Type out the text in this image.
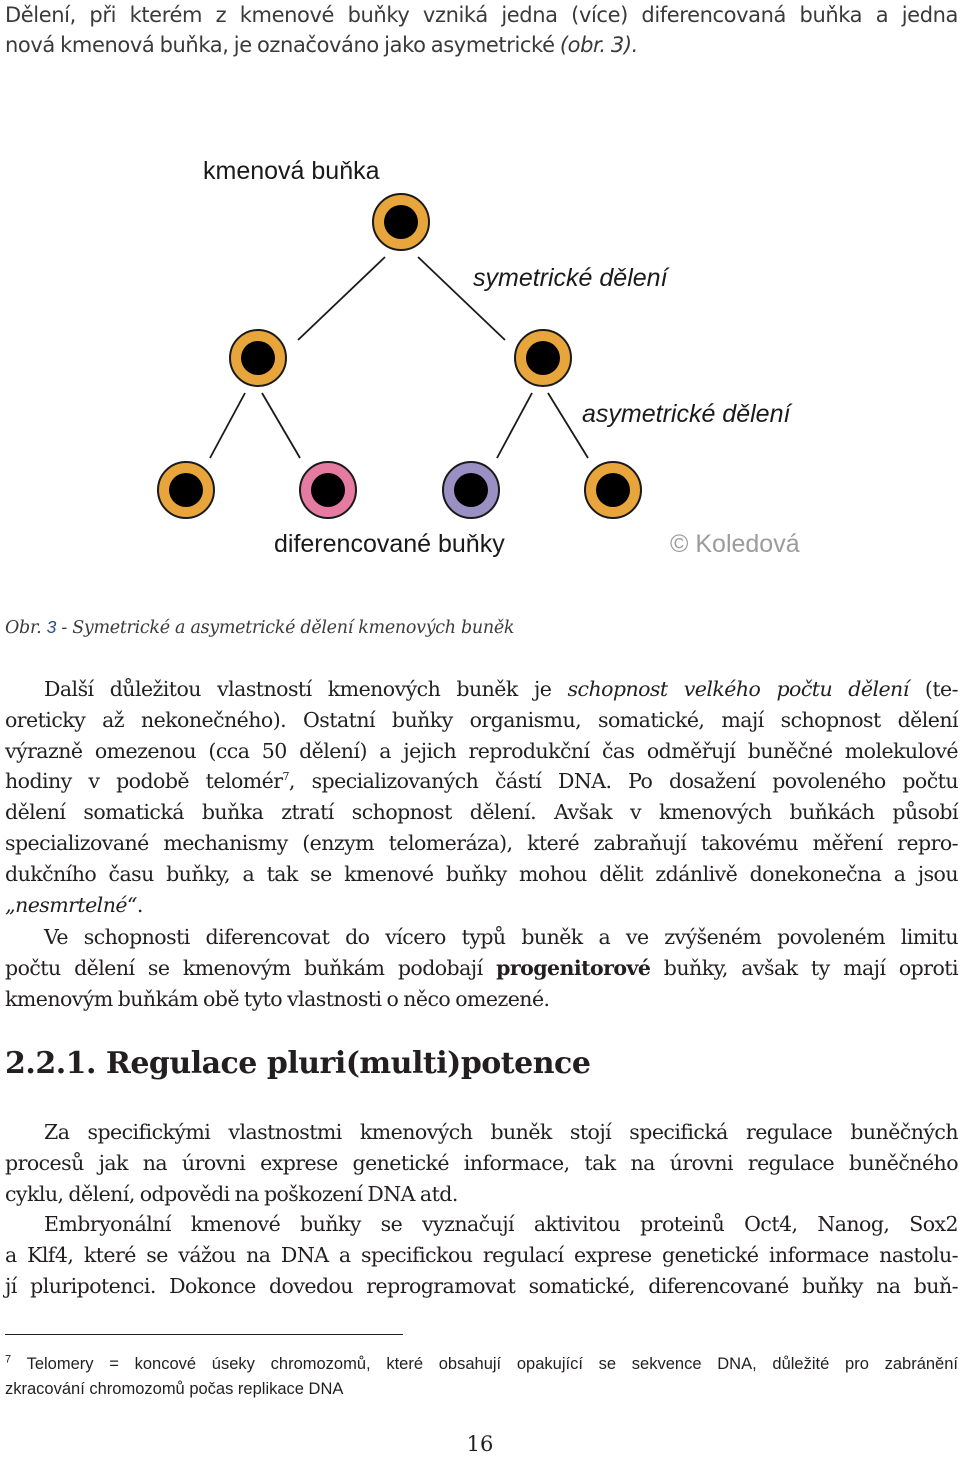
Dělení, při kterém z kmenové buňky vzniká jedna (více) diferencovaná buňka a jedna
nová kmenová buňka, je označováno jako asymetrické (obr. 3).
kmenová buňka
symetrické dělení
asymetrické dělení
diferencované buňky	© Koledová
Obr. 3 - Symetrické a asymetrické dělení kmenových buněk
Další důležitou vlastností kmenových buněk je schopnost velkého počtu dělení (te-
oreticky až nekonečného). Ostatní buňky organismu, somatické, mají schopnost dělení
výrazně omezenou (cca 50 dělení) a jejich reprodukční čas odměřují buněčné molekulové
hodiny v podobě telomér$^7$, specializovaných částí DNA. Po dosažení povoleného počtu
dělení somatická buňka ztratí schopnost dělení. Avšak v kmenových buňkách působí
specializované mechanismy (enzym telomeráza), které zabraňují takovému měření repro-
dukčního času buňky, a tak se kmenové buňky mohou dělit zdánlivě donekonečna a jsou
„nesmrtelné“.
Ve schopnosti diferencovat do vícero typů buněk a ve zvýšeném povoleném limitu
počtu dělení se kmenovým buňkám podobají progenitorové buňky, avšak ty mají oproti
kmenovým buňkám obě tyto vlastnosti o něco omezené.
2.2.1. Regulace pluri(multi)potence
Za specifickými vlastnostmi kmenových buněk stojí specifická regulace buněčných
procesů jak na úrovni exprese genetické informace, tak na úrovni regulace buněčného
cyklu, dělení, odpovědi na poškození DNA atd.
Embryonální kmenové buňky se vyznačují aktivitou proteinů Oct4, Nanog, Sox2
a Klf4, které se vážou na DNA a specifickou regulací exprese genetické informace nastolu-
jí pluripotenci. Dokonce dovedou reprogramovat somatické, diferencované buňky na buň-
$^7$ Telomery = koncové úseky chromozomů, které obsahují opakující se sekvence DNA, důležité pro zabránění
zkracování chromozomů počas replikace DNA
16
